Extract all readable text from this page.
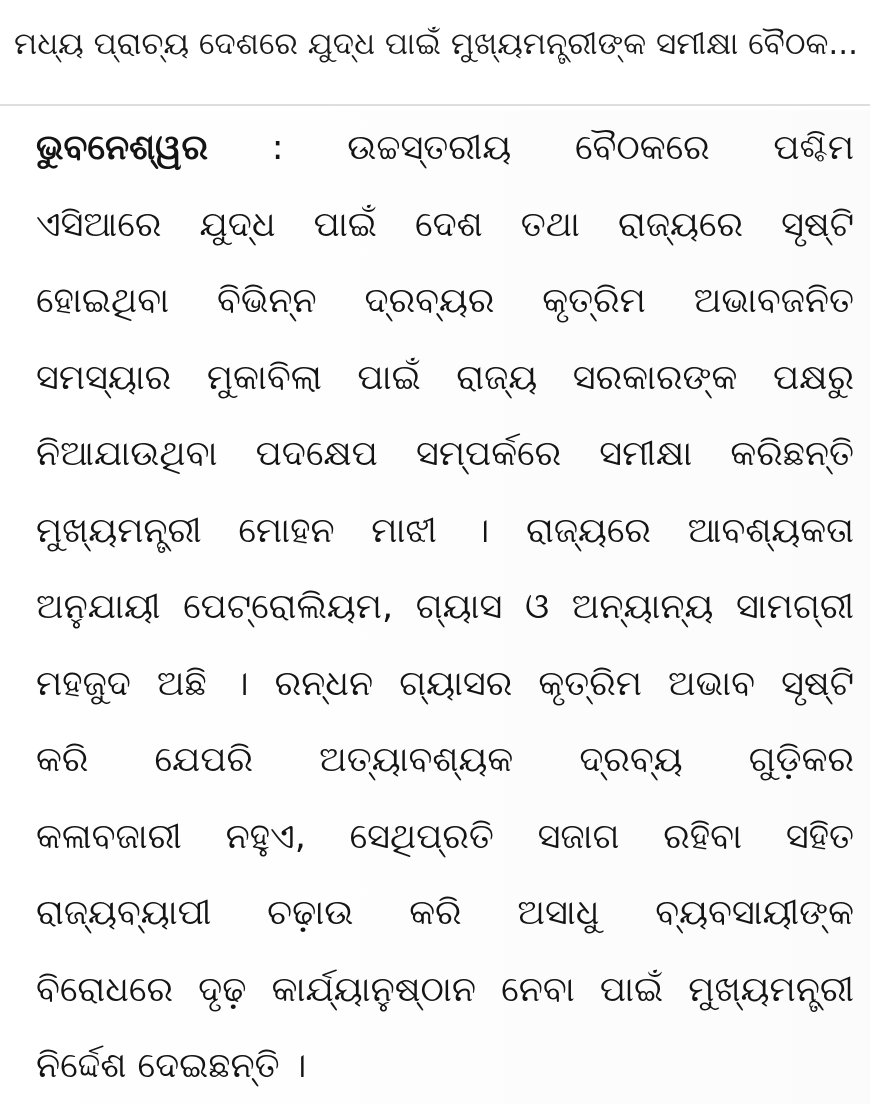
ମଧ୍ୟ ପ୍ରାଚ୍ୟ ଦେଶରେ ଯୁଦ୍ଧ ପାଇଁ ମୁଖ୍ୟମନ୍ତ୍ରୀଙ୍କ ସମୀକ୍ଷା ବୈଠକ...
ଭୁବନେଶ୍ୱର : ଉଚ୍ଚସ୍ତରୀୟ ବୈଠକରେ ପଶ୍ଚିମ
ଏସିଆରେ ଯୁଦ୍ଧ ପାଇଁ ଦେଶ ତଥା ରାଜ୍ୟରେ ସୃଷ୍ଟି
ହୋଇଥିବା ବିଭିନ୍ନ ଦ୍ରବ୍ୟର କୃତ୍ରିମ ଅଭାବଜନିତ
ସମସ୍ୟାର ମୁକାବିଲା ପାଇଁ ରାଜ୍ୟ ସରକାରଙ୍କ ପକ୍ଷରୁ
ନିଆଯାଉଥିବା ପଦକ୍ଷେପ ସମ୍ପର୍କରେ ସମୀକ୍ଷା କରିଛନ୍ତି
ମୁଖ୍ୟମନ୍ତ୍ରୀ ମୋହନ ମାଝୀ । ରାଜ୍ୟରେ ଆବଶ୍ୟକତା
ଅନୁଯାୟୀ ପେଟ୍ରୋଲିୟମ, ଗ୍ୟାସ ଓ ଅନ୍ୟାନ୍ୟ ସାମଗ୍ରୀ
ମହଜୁଦ ଅଛି । ରନ୍ଧନ ଗ୍ୟାସର କୃତ୍ରିମ ଅଭାବ ସୃଷ୍ଟି
କରି ଯେପରି ଅତ୍ୟାବଶ୍ୟକ ଦ୍ରବ୍ୟ ଗୁଡ଼ିକର
କଳାବଜାରୀ ନହୁଏ, ସେଥିପ୍ରତି ସଜାଗ ରହିବା ସହିତ
ରାଜ୍ୟବ୍ୟାପୀ ଚଢ଼ାଉ କରି ଅସାଧୁ ବ୍ୟବସାୟୀଙ୍କ
ବିରୋଧରେ ଦୃଢ଼ କାର୍ଯ୍ୟାନୁଷ୍ଠାନ ନେବା ପାଇଁ ମୁଖ୍ୟମନ୍ତ୍ରୀ
ନିର୍ଦ୍ଦେଶ ଦେଇଛନ୍ତି ।
